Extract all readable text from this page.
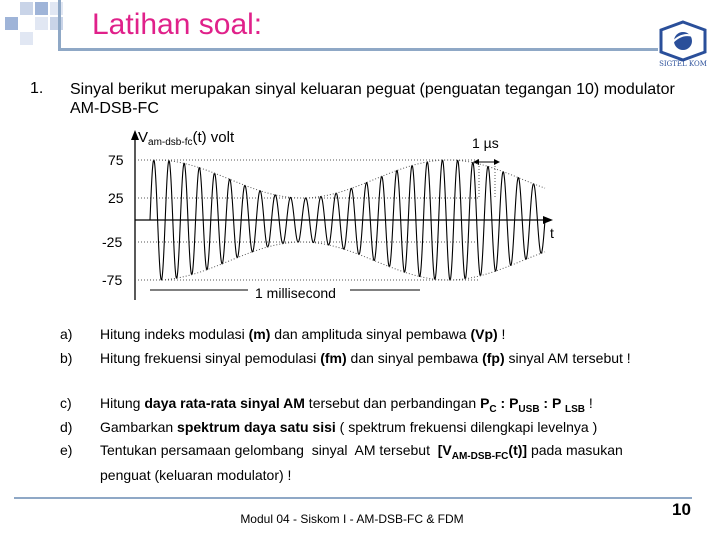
Latihan soal:
SIGTEL KOM
1. Sinyal berikut merupakan sinyal keluaran peguat (penguatan tegangan 10) modulator AM-DSB-FC
75
25
-25
-75
$V_{am-dsb-fc}(t)$ volt
t
1 µs
1 millisecond
a)	Hitung indeks modulasi (m) dan amplituda sinyal pembawa (Vp) !
b)	Hitung frekuensi sinyal pemodulasi (fm) dan sinyal pembawa (fp) sinyal AM tersebut !
c)	Hitung daya rata-rata sinyal AM tersebut dan perbandingan $P_C$ : $P_{USB}$ : P $_{LSB}$ !
d)	Gambarkan spektrum daya satu sisi ( spektrum frekuensi dilengkapi levelnya )
e)	Tentukan persamaan gelombang  sinyal  AM tersebut  $[V_{AM-DSB-FC}(t)]$ pada masukan penguat (keluaran modulator) !
Modul 04 - Siskom I - AM-DSB-FC & FDM	10
